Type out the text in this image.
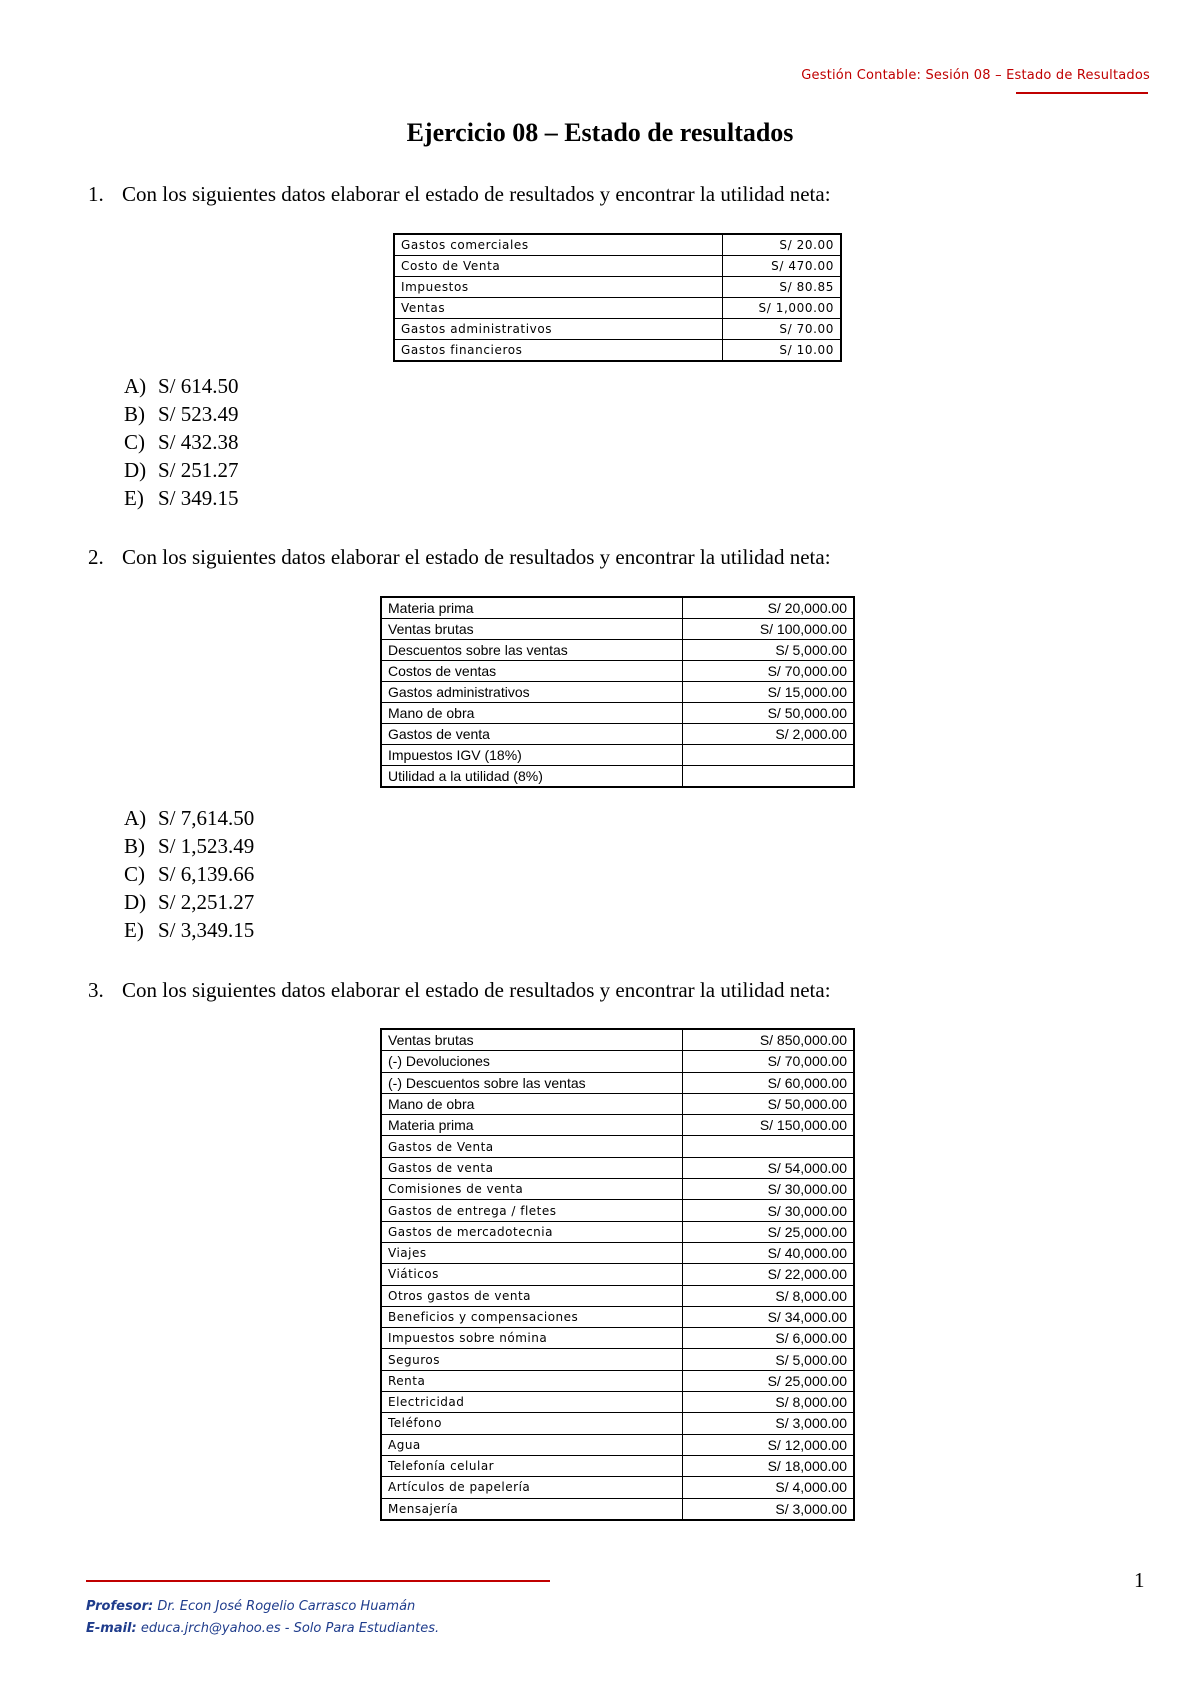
Gestión Contable: Sesión 08 – Estado de Resultados
Ejercicio 08 – Estado de resultados
1. Con los siguientes datos elaborar el estado de resultados y encontrar la utilidad neta:
Gastos comerciales	S/ 20.00
Costo de Venta	S/ 470.00
Impuestos	S/ 80.85
Ventas	S/ 1,000.00
Gastos administrativos	S/ 70.00
Gastos financieros	S/ 10.00
A) S/ 614.50
B) S/ 523.49
C) S/ 432.38
D) S/ 251.27
E) S/ 349.15
2. Con los siguientes datos elaborar el estado de resultados y encontrar la utilidad neta:
Materia prima	S/ 20,000.00
Ventas brutas	S/ 100,000.00
Descuentos sobre las ventas	S/ 5,000.00
Costos de ventas	S/ 70,000.00
Gastos administrativos	S/ 15,000.00
Mano de obra	S/ 50,000.00
Gastos de venta	S/ 2,000.00
Impuestos IGV (18%)	
Utilidad a la utilidad (8%)	
A) S/ 7,614.50
B) S/ 1,523.49
C) S/ 6,139.66
D) S/ 2,251.27
E) S/ 3,349.15
3. Con los siguientes datos elaborar el estado de resultados y encontrar la utilidad neta:
Ventas brutas	S/ 850,000.00
(-) Devoluciones	S/ 70,000.00
(-) Descuentos sobre las ventas	S/ 60,000.00
Mano de obra	S/ 50,000.00
Materia prima	S/ 150,000.00
Gastos de Venta	
Gastos de venta	S/ 54,000.00
Comisiones de venta	S/ 30,000.00
Gastos de entrega / fletes	S/ 30,000.00
Gastos de mercadotecnia	S/ 25,000.00
Viajes	S/ 40,000.00
Viáticos	S/ 22,000.00
Otros gastos de venta	S/ 8,000.00
Beneficios y compensaciones	S/ 34,000.00
Impuestos sobre nómina	S/ 6,000.00
Seguros	S/ 5,000.00
Renta	S/ 25,000.00
Electricidad	S/ 8,000.00
Teléfono	S/ 3,000.00
Agua	S/ 12,000.00
Telefonía celular	S/ 18,000.00
Artículos de papelería	S/ 4,000.00
Mensajería	S/ 3,000.00
1
Profesor: Dr. Econ José Rogelio Carrasco Huamán
E-mail: educa.jrch@yahoo.es - Solo Para Estudiantes.
